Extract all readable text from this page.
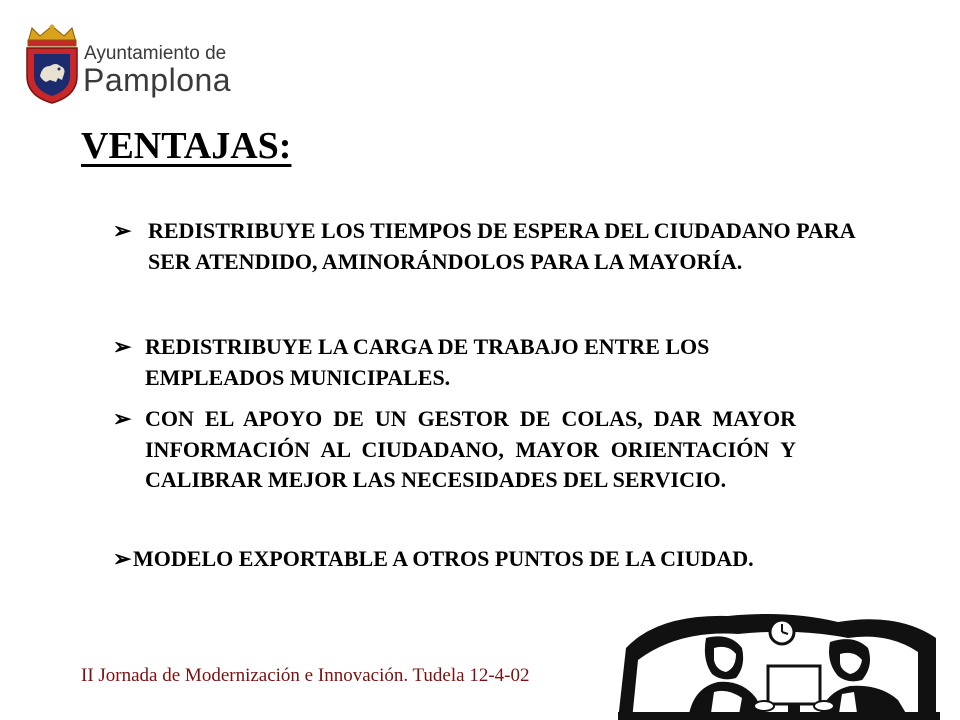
Ayuntamiento de
Pamplona
VENTAJAS:
➢ REDISTRIBUYE LOS TIEMPOS DE ESPERA DEL CIUDADANO PARA SER ATENDIDO, AMINORÁNDOLOS PARA LA MAYORÍA.
➢ REDISTRIBUYE LA CARGA DE TRABAJO ENTRE LOS EMPLEADOS MUNICIPALES.
➢ CON EL APOYO DE UN GESTOR DE COLAS, DAR MAYOR INFORMACIÓN AL CIUDADANO, MAYOR ORIENTACIÓN Y CALIBRAR MEJOR LAS NECESIDADES DEL SERVICIO.
➢ MODELO EXPORTABLE A OTROS PUNTOS DE LA CIUDAD.
II Jornada de Modernización e Innovación. Tudela 12-4-02
